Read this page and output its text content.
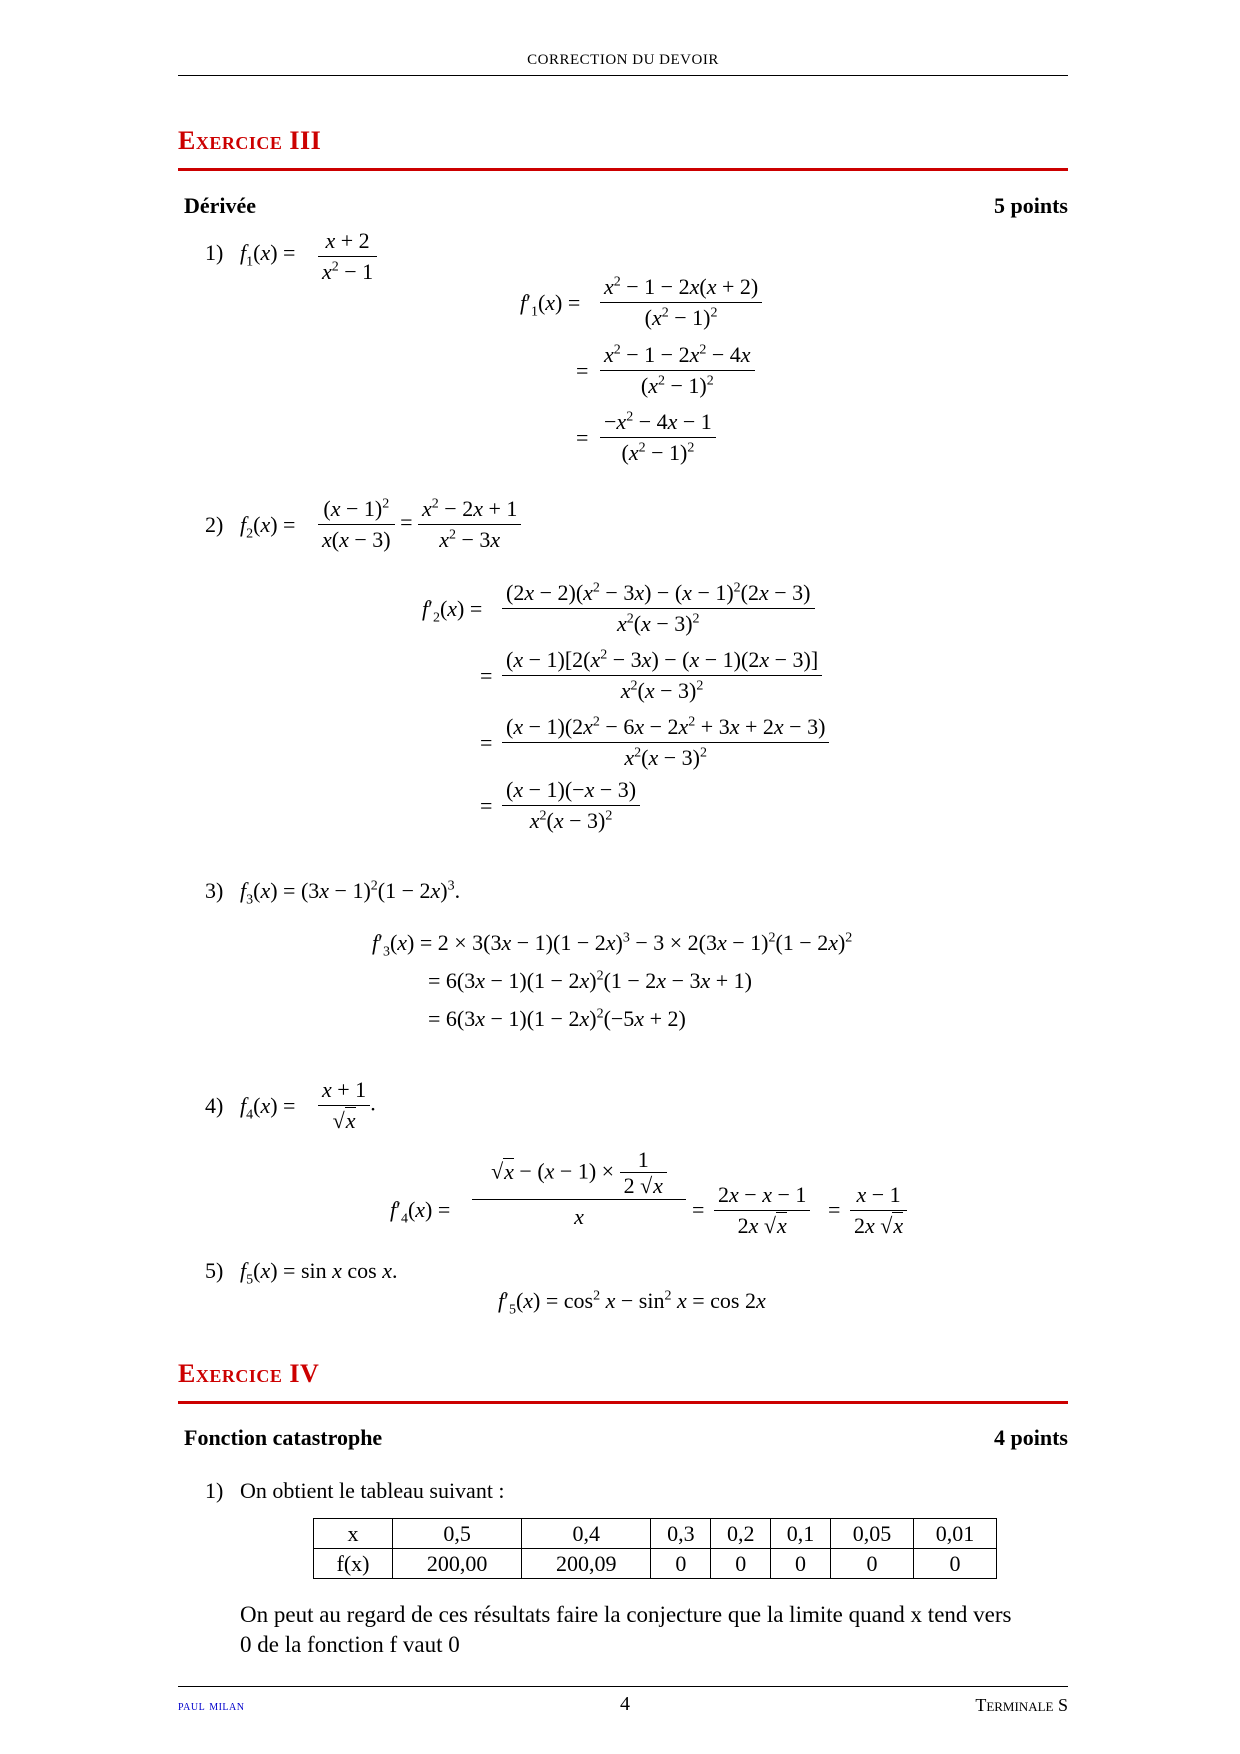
CORRECTION DU DEVOIR
Exercice III
Dérivée	5 points
1) $f_1(x) = \frac{x + 2}{x^2 - 1}$
$f'_1(x) = \frac{x^2 - 1 - 2x(x + 2)}{(x^2 - 1)^2}$
= $\frac{x^2 - 1 - 2x^2 - 4x}{(x^2 - 1)^2}$
= $\frac{-x^2 - 4x - 1}{(x^2 - 1)^2}$
2) $f_2(x) = \frac{(x - 1)^2}{x(x - 3)} = \frac{x^2 - 2x + 1}{x^2 - 3x}$
$f'_2(x) = \frac{(2x - 2)(x^2 - 3x) - (x - 1)^2(2x - 3)}{x^2(x - 3)^2}$
= $\frac{(x - 1)[2(x^2 - 3x) - (x - 1)(2x - 3)]}{x^2(x - 3)^2}$
= $\frac{(x - 1)(2x^2 - 6x - 2x^2 + 3x + 2x - 3)}{x^2(x - 3)^2}$
= $\frac{(x - 1)(-x - 3)}{x^2(x - 3)^2}$
3) $f_3(x) = (3x - 1)^2(1 - 2x)^3$.
$f'_3(x) = 2 \times 3(3x - 1)(1 - 2x)^3 - 3 \times 2(3x - 1)^2(1 - 2x)^2$
= $6(3x - 1)(1 - 2x)^2(1 - 2x - 3x + 1)$
= $6(3x - 1)(1 - 2x)^2(-5x + 2)$
4) $f_4(x) = \frac{x + 1}{√x}$ .
$f'_4(x) = \frac{√x - (x - 1) \times \frac{1}{2 √x}}{x} = \frac{2x - x - 1}{2x √x} = \frac{x - 1}{2x √x}$
5) $f_5(x) = \sin x$ cos x.
$f'_5(x) = \cos^2 x - \sin^2 x = \cos 2x$
Exercice IV
Fonction catastrophe	4 points
1) On obtient le tableau suivant :
x	0,5	0,4	0,3	0,2	0,1	0,05	0,01
f(x)	200,00	200,09	0	0	0	0	0
On peut au regard de ces résultats faire la conjecture que la limite quand x tend vers
0 de la fonction f vaut 0
paul milan	4	Terminale S
